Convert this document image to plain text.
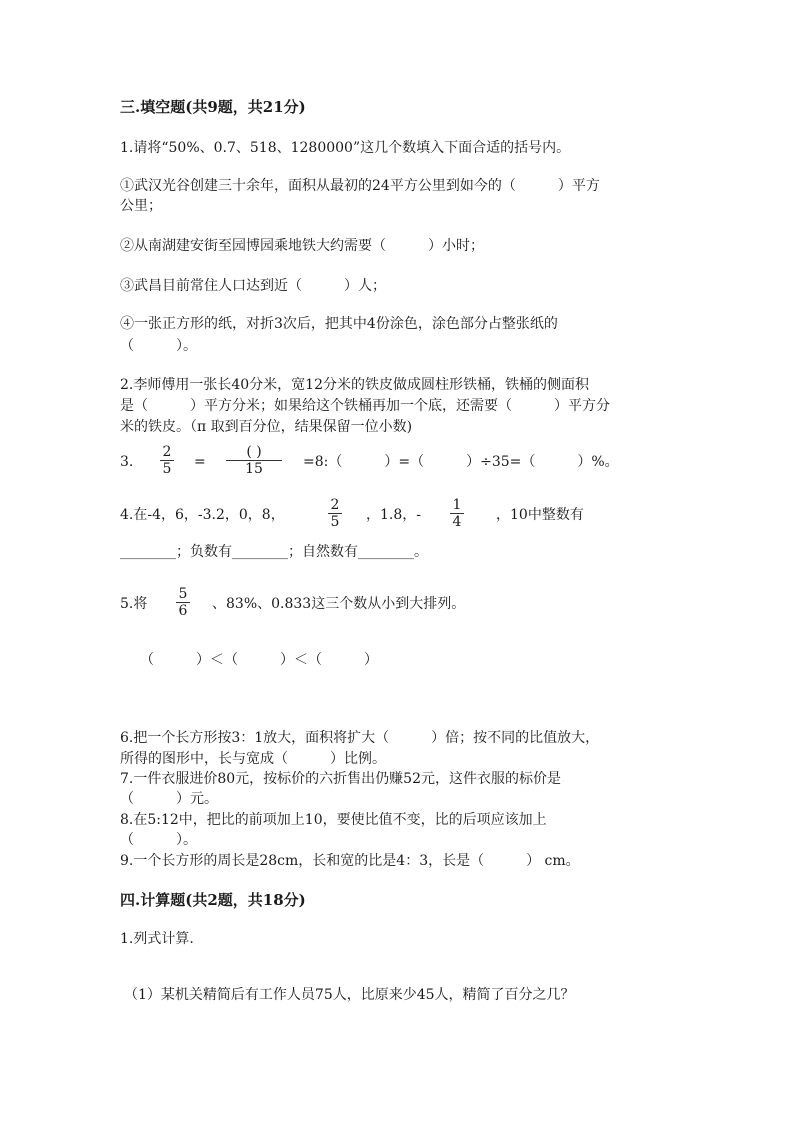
三.填空题(共9题，共21分)

1.请将“50%、0.7、518、1280000”这几个数填入下面合适的括号内。

①武汉光谷创建三十余年，面积从最初的24平方公里到如今的（　　　）平方

公里；

②从南湖建安街至园博园乘地铁大约需要（　　　）小时；

③武昌目前常住人口达到近（　　　）人；

④一张正方形的纸，对折3次后，把其中4份涂色，涂色部分占整张纸的

（　　　）。

2.李师傅用一张长40分米，宽12分米的铁皮做成圆柱形铁桶，铁桶的侧面积

是（　　　）平方分米；如果给这个铁桶再加一个底，还需要（　　　）平方分

米的铁皮。（π 取到百分位，结果保留一位小数)

3.

2
5 =

( )
15	=8:（　　　）=（　　　）÷35=（　　　）%。

4.在-4，6，-3.2，0，8，

2
5 ，1.8，-

1
4 ，10中整数有

________；负数有________；自然数有________。

5.将

5
6 、83%、0.833这三个数从小到大排列。

（　　　）＜（　　　）＜（　　　）

6.把一个长方形按3：1放大，面积将扩大（　　　）倍；按不同的比值放大，

所得的图形中，长与宽成（　　　）比例。

7.一件衣服进价80元，按标价的六折售出仍赚52元，这件衣服的标价是

（　　　）元。

8.在5:12中，把比的前项加上10，要使比值不变，比的后项应该加上

（　　　）。

9.一个长方形的周长是28cm，长和宽的比是4：3，长是（　　　） cm。

四.计算题(共2题，共18分)

1.列式计算.

（1）某机关精简后有工作人员75人，比原来少45人，精简了百分之几？
